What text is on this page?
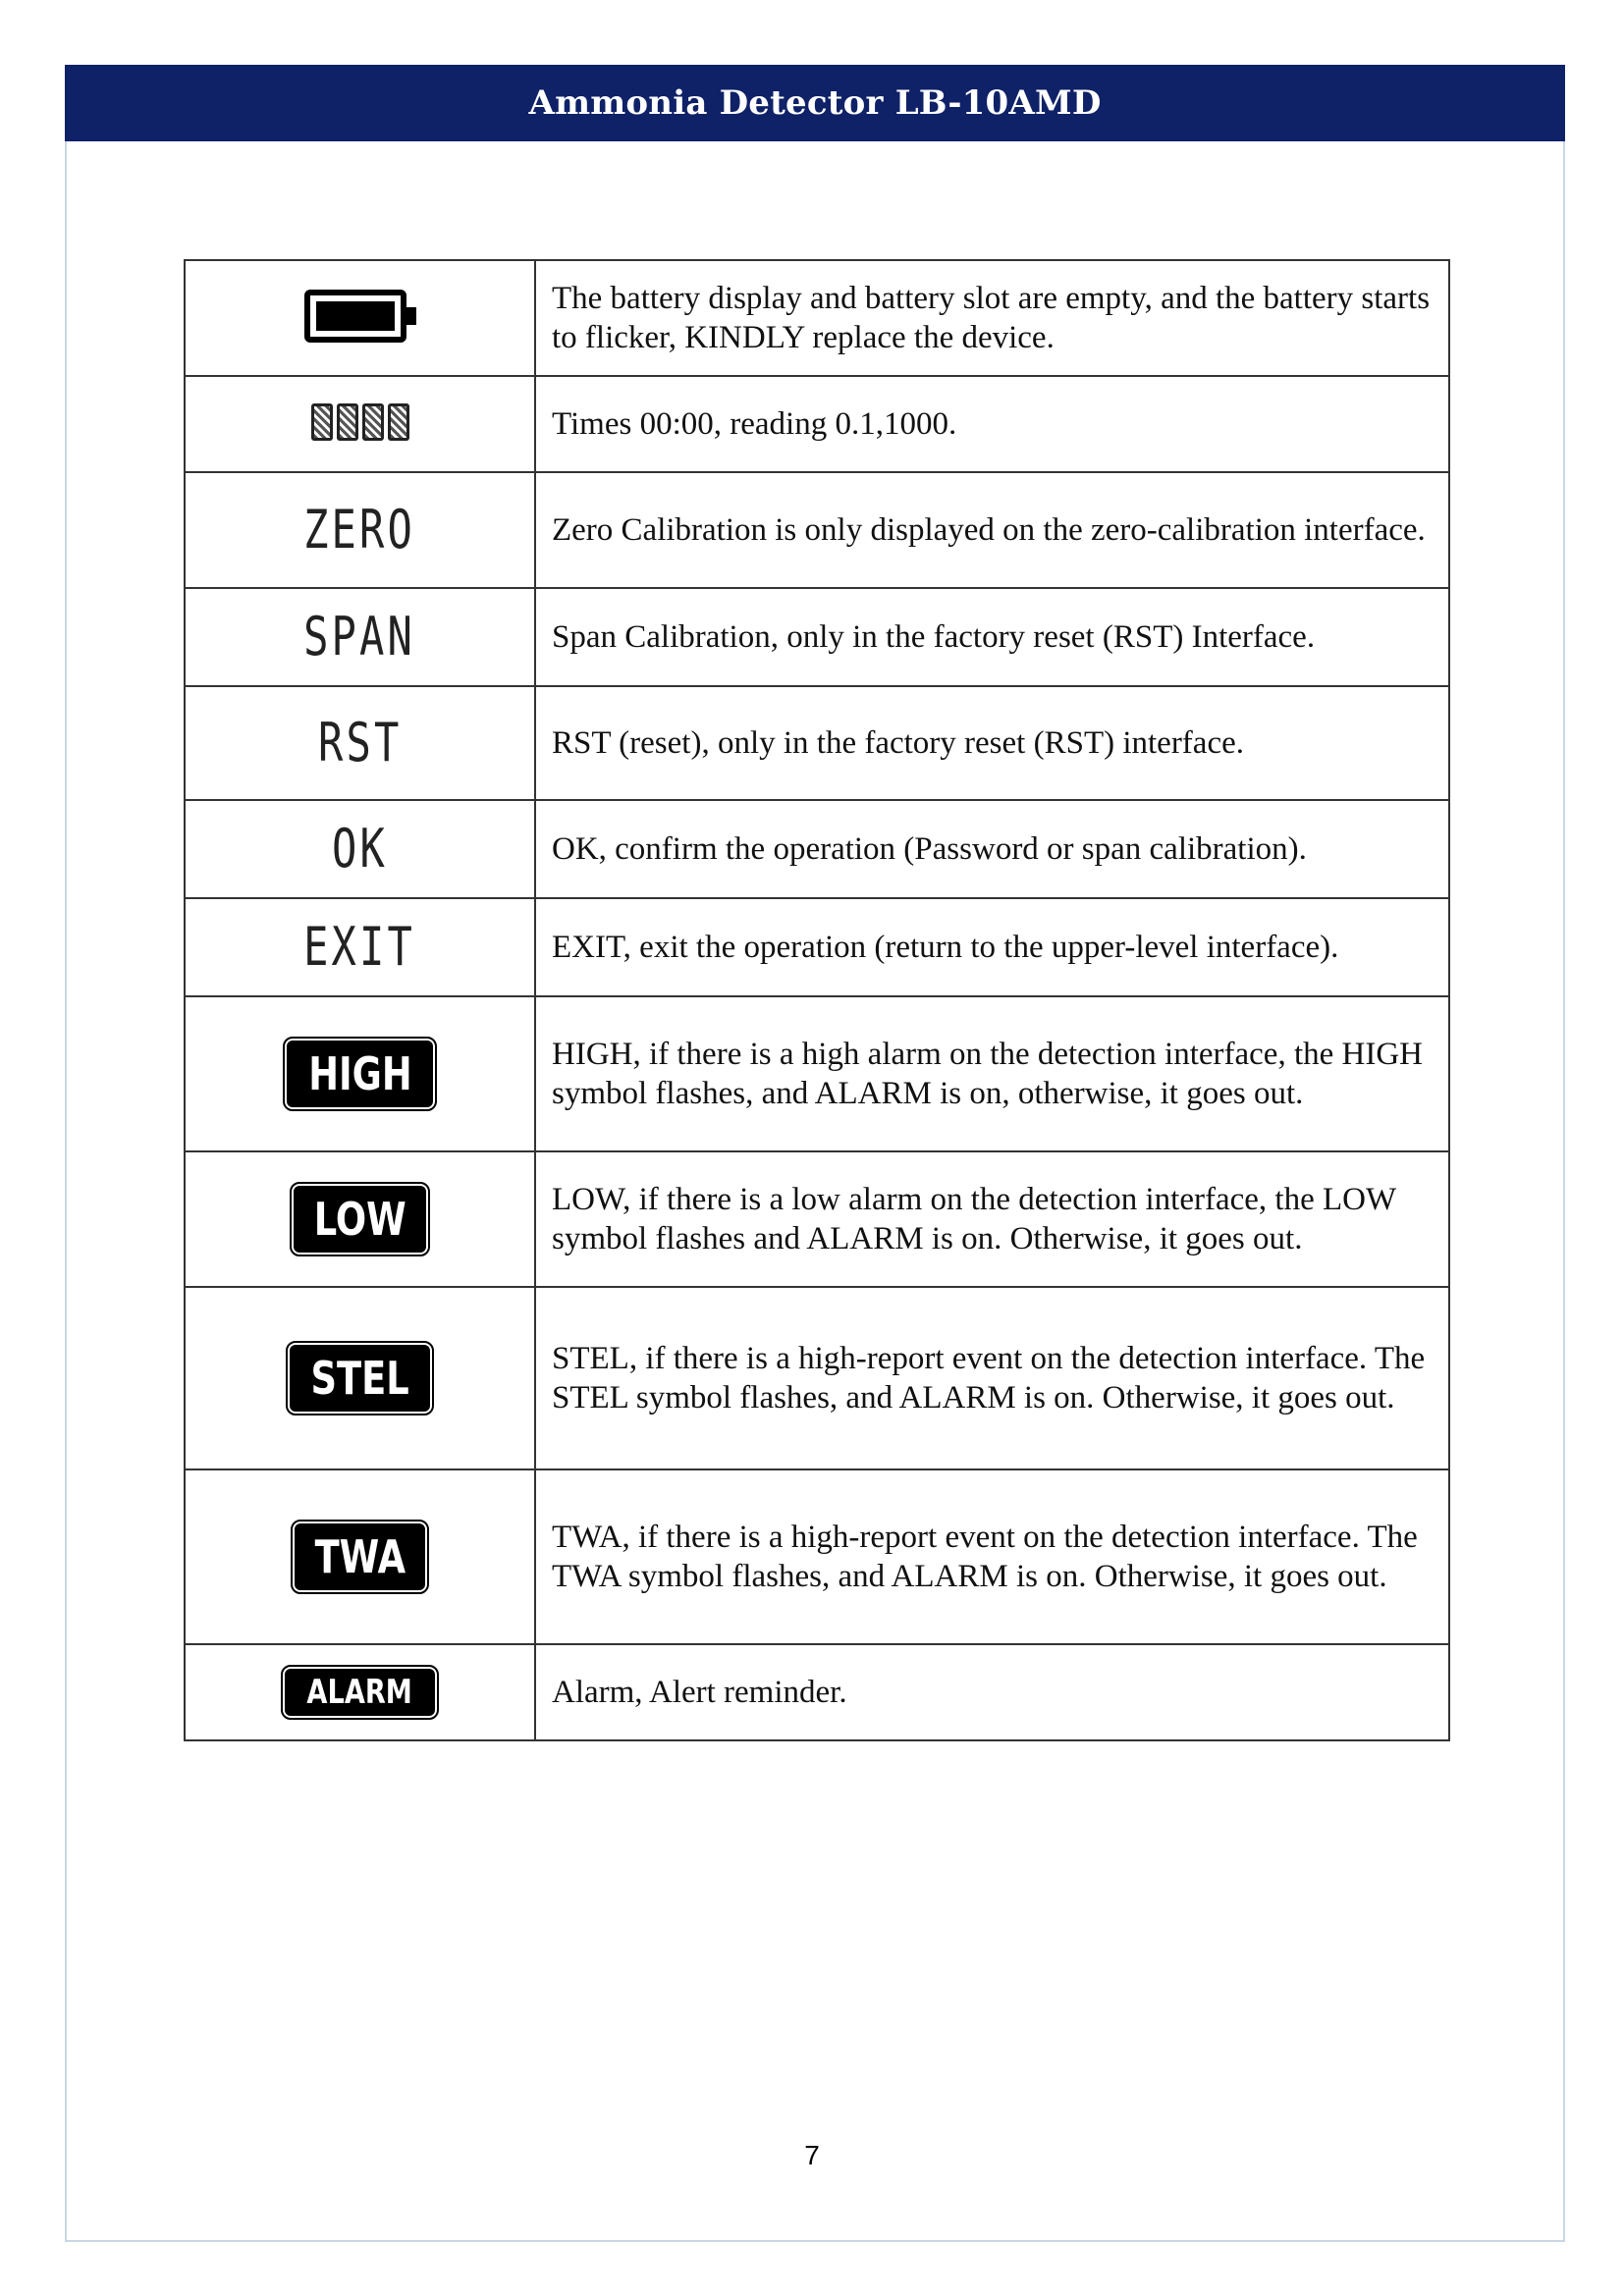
Ammonia Detector LB-10AMD
	The battery display and battery slot are empty, and the battery starts to flicker, KINDLY replace the device.

	Times 00:00, reading 0.1,1000.
ZERO	Zero Calibration is only displayed on the zero-calibration interface.
SPAN	Span Calibration, only in the factory reset (RST) Interface.
RST	RST (reset), only in the factory reset (RST) interface.
OK	OK, confirm the operation (Password or span calibration).
EXIT	EXIT, exit the operation (return to the upper-level interface).
HIGH	HIGH, if there is a high alarm on the detection interface, the HIGH symbol flashes, and ALARM is on, otherwise, it goes out.
LOW	LOW, if there is a low alarm on the detection interface, the LOW symbol flashes and ALARM is on. Otherwise, it goes out.
STEL	STEL, if there is a high-report event on the detection interface. The STEL symbol flashes, and ALARM is on. Otherwise, it goes out.
TWA	TWA, if there is a high-report event on the detection interface. The TWA symbol flashes, and ALARM is on. Otherwise, it goes out.
ALARM	Alarm, Alert reminder.
7
